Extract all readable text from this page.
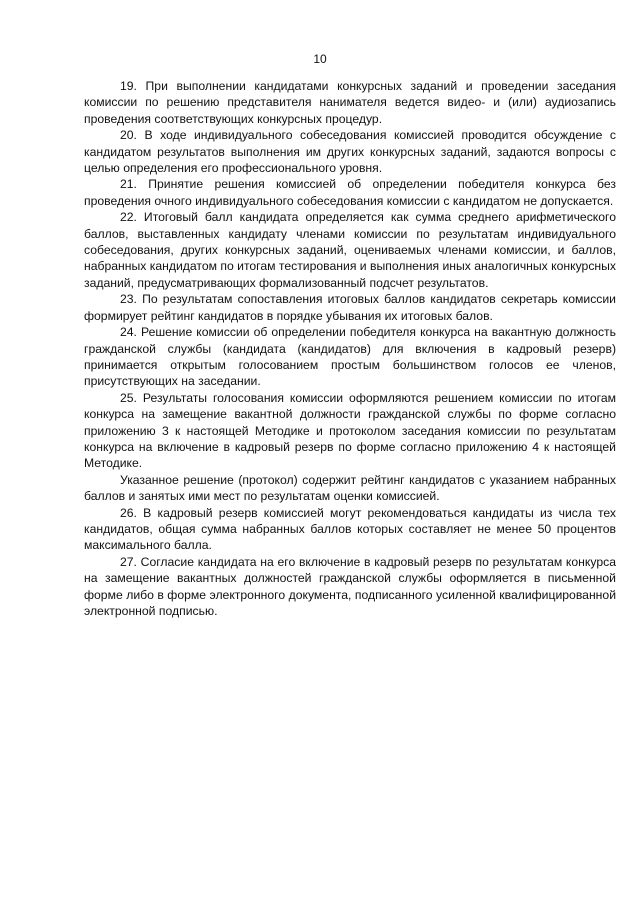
10

19. При выполнении кандидатами конкурсных заданий и проведении заседания комиссии по решению представителя нанимателя ведется видео- и (или) аудиозапись проведения соответствующих конкурсных процедур.

20. В ходе индивидуального собеседования комиссией проводится обсуждение с кандидатом результатов выполнения им других конкурсных заданий, задаются вопросы с целью определения его профессионального уровня.

21. Принятие решения комиссией об определении победителя конкурса без проведения очного индивидуального собеседования комиссии с кандидатом не допускается.

22. Итоговый балл кандидата определяется как сумма среднего арифметического баллов, выставленных кандидату членами комиссии по результатам индивидуального собеседования, других конкурсных заданий, оцениваемых членами комиссии, и баллов, набранных кандидатом по итогам тестирования и выполнения иных аналогичных конкурсных заданий, предусматривающих формализованный подсчет результатов.

23. По результатам сопоставления итоговых баллов кандидатов секретарь комиссии формирует рейтинг кандидатов в порядке убывания их итоговых балов.

24. Решение комиссии об определении победителя конкурса на вакантную должность гражданской службы (кандидата (кандидатов) для включения в кадровый резерв) принимается открытым голосованием простым большинством голосов ее членов, присутствующих на заседании.

25. Результаты голосования комиссии оформляются решением комиссии по итогам конкурса на замещение вакантной должности гражданской службы по форме согласно приложению 3 к настоящей Методике и протоколом заседания комиссии по результатам конкурса на включение в кадровый резерв по форме согласно приложению 4 к настоящей Методике.

Указанное решение (протокол) содержит рейтинг кандидатов с указанием набранных баллов и занятых ими мест по результатам оценки комиссией.

26. В кадровый резерв комиссией могут рекомендоваться кандидаты из числа тех кандидатов, общая сумма набранных баллов которых составляет не менее 50 процентов максимального балла.

27. Согласие кандидата на его включение в кадровый резерв по результатам конкурса на замещение вакантных должностей гражданской службы оформляется в письменной форме либо в форме электронного документа, подписанного усиленной квалифицированной электронной подписью.
